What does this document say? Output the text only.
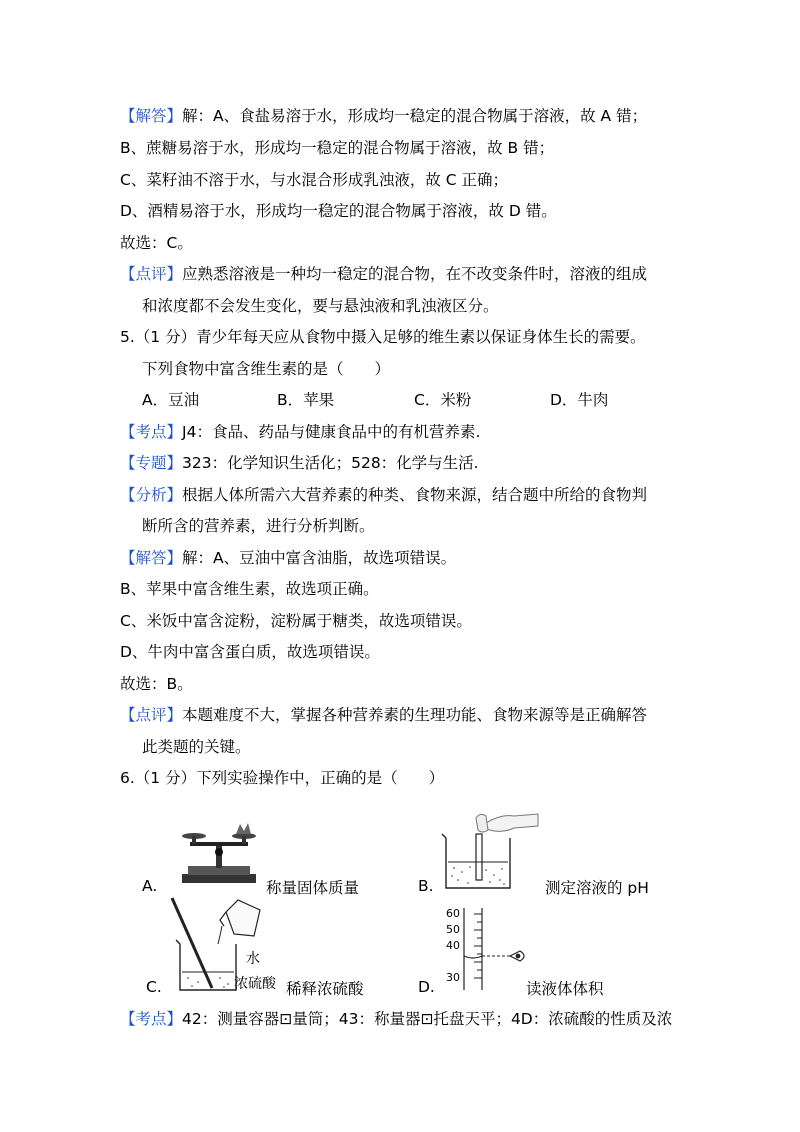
【解答】解：A、食盐易溶于水，形成均一稳定的混合物属于溶液，故 A 错；
B、蔗糖易溶于水，形成均一稳定的混合物属于溶液，故 B 错；
C、菜籽油不溶于水，与水混合形成乳浊液，故 C 正确；
D、酒精易溶于水，形成均一稳定的混合物属于溶液，故 D 错。
故选：C。
【点评】应熟悉溶液是一种均一稳定的混合物，在不改变条件时，溶液的组成
和浓度都不会发生变化，要与悬浊液和乳浊液区分。
5.（1 分）青少年每天应从食物中摄入足够的维生素以保证身体生长的需要。
下列食物中富含维生素的是（　　）
A．豆油	B．苹果	C．米粉	D．牛肉
【考点】J4：食品、药品与健康食品中的有机营养素.
【专题】323：化学知识生活化；528：化学与生活.
【分析】根据人体所需六大营养素的种类、食物来源，结合题中所给的食物判
断所含的营养素，进行分析判断。
【解答】解：A、豆油中富含油脂，故选项错误。
B、苹果中富含维生素，故选项正确。
C、米饭中富含淀粉，淀粉属于糖类，故选项错误。
D、牛肉中富含蛋白质，故选项错误。
故选：B。
【点评】本题难度不大，掌握各种营养素的生理功能、食物来源等是正确解答
此类题的关键。
6.（1 分）下列实验操作中，正确的是（　　）
A.	称量固体质量	B.	测定溶液的 pH
C.
水
浓硫酸 稀释浓硫酸	D.
60
50
40
30
读液体体积
【考点】42：测量容器⊡量筒；43：称量器⊡托盘天平；4D：浓硫酸的性质及浓
